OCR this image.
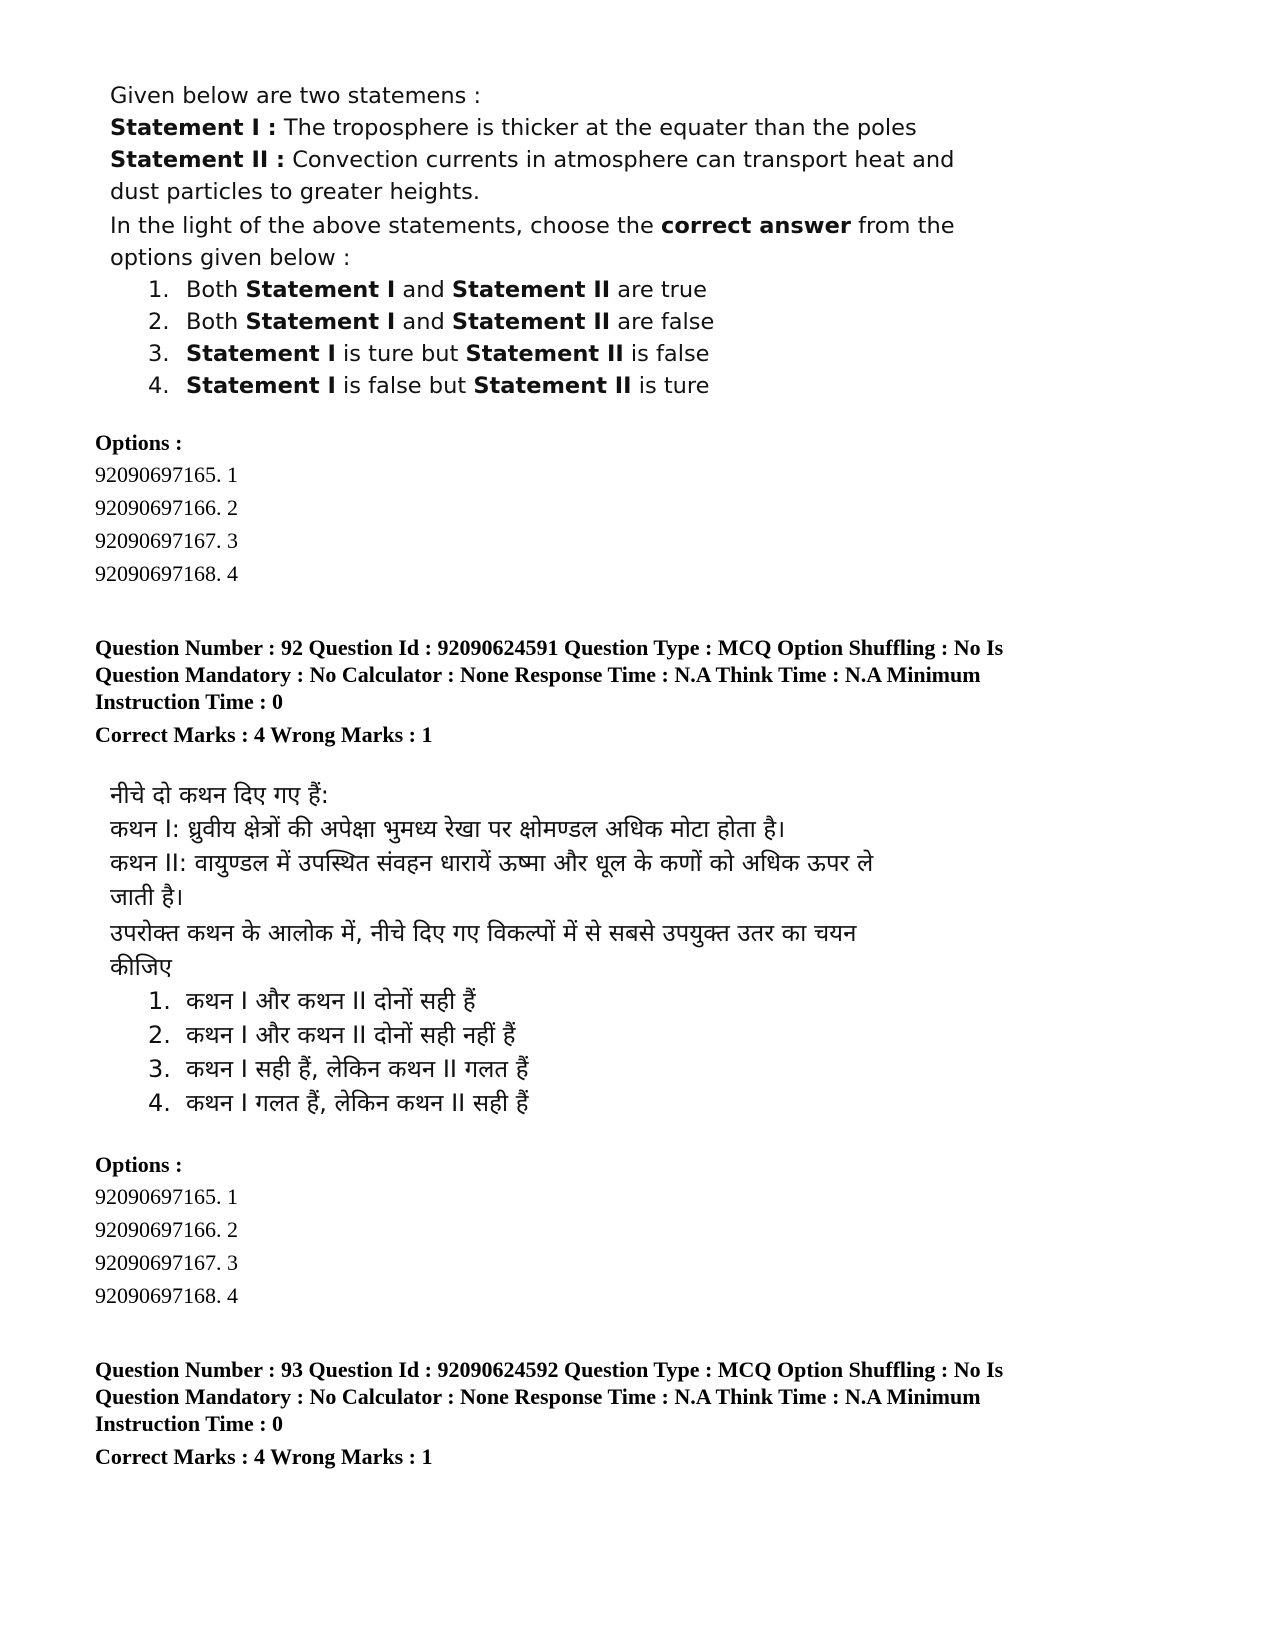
Given below are two statemens :
Statement I : The troposphere is thicker at the equater than the poles
Statement II : Convection currents in atmosphere can transport heat and
dust particles to greater heights.
In the light of the above statements, choose the correct answer from the
options given below :
1. Both Statement I and Statement II are true
2. Both Statement I and Statement II are false
3. Statement I is ture but Statement II is false
4. Statement I is false but Statement II is ture
Options :
92090697165. 1
92090697166. 2
92090697167. 3
92090697168. 4
Question Number : 92 Question Id : 92090624591 Question Type : MCQ Option Shuffling : No Is
Question Mandatory : No Calculator : None Response Time : N.A Think Time : N.A Minimum
Instruction Time : 0
Correct Marks : 4 Wrong Marks : 1
नीचे दो कथन दिए गए हैं:
कथन I: ध्रुवीय क्षेत्रों की अपेक्षा भुमध्य रेखा पर क्षोमण्डल अधिक मोटा होता है।
कथन II: वायुण्डल में उपस्थित संवहन धारायें ऊष्मा और धूल के कणों को अधिक ऊपर ले
जाती है।
उपरोक्त कथन के आलोक में, नीचे दिए गए विकल्पों में से सबसे उपयुक्त उतर का चयन
कीजिए
1. कथन I और कथन II दोनों सही हैं
2. कथन I और कथन II दोनों सही नहीं हैं
3. कथन I सही हैं, लेकिन कथन II गलत हैं
4. कथन I गलत हैं, लेकिन कथन II सही हैं
Options :
92090697165. 1
92090697166. 2
92090697167. 3
92090697168. 4
Question Number : 93 Question Id : 92090624592 Question Type : MCQ Option Shuffling : No Is
Question Mandatory : No Calculator : None Response Time : N.A Think Time : N.A Minimum
Instruction Time : 0
Correct Marks : 4 Wrong Marks : 1
